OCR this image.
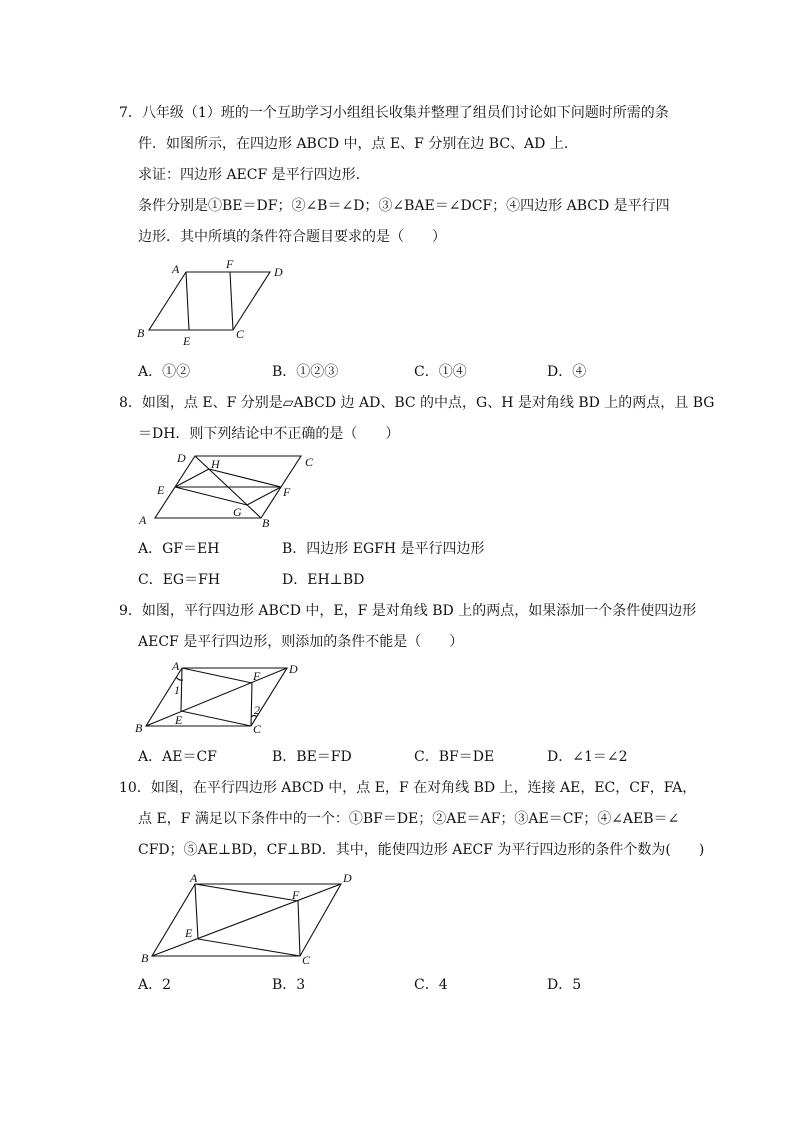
7．八年级（1）班的一个互助学习小组组长收集并整理了组员们讨论如下问题时所需的条
件．如图所示，在四边形 ABCD 中，点 E、F 分别在边 BC、AD 上．
求证：四边形 AECF 是平行四边形．
条件分别是①BE＝DF；②∠B＝∠D；③∠BAE＝∠DCF；④四边形 ABCD 是平行四
边形．其中所填的条件符合题目要求的是（　　）
A	F
D
B
E	C
A．①②	B．①②③	C．①④	D．④
8．如图，点 E、F 分别是▱ABCD 边 AD、BC 的中点，G、H 是对角线 BD 上的两点，且 BG
＝DH．则下列结论中不正确的是（　　）
D H	C
E	F
A
G
B
A．GF＝EH	B．四边形 EGFH 是平行四边形
C．EG＝FH	D．EH⊥BD
9．如图，平行四边形 ABCD 中，E，F 是对角线 BD 上的两点，如果添加一个条件使四边形
AECF 是平行四边形，则添加的条件不能是（　　）
A
F D
1
2
B
E
C
A．AE＝CF	B．BE＝FD	C．BF＝DE	D．∠1＝∠2
10．如图，在平行四边形 ABCD 中，点 E，F 在对角线 BD 上，连接 AE，EC，CF，FA，
点 E，F 满足以下条件中的一个：①BF＝DE；②AE＝AF；③AE＝CF；④∠AEB＝∠
CFD；⑤AE⊥BD，CF⊥BD．其中，能使四边形 AECF 为平行四边形的条件个数为(　　)
A	D
F
E
B	C
A．2	B．3	C．4	D．5
